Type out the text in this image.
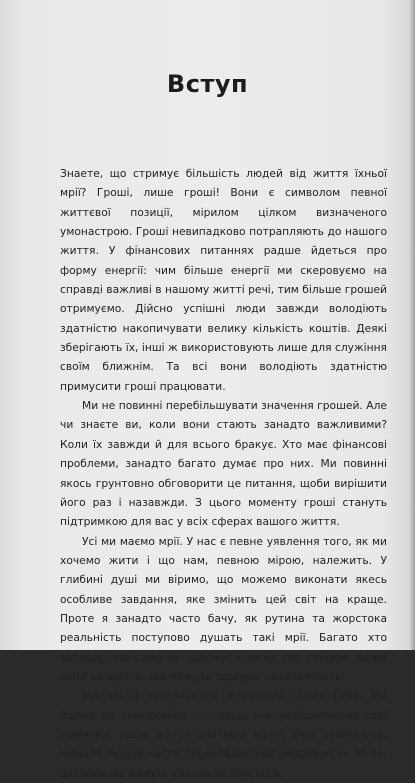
Вступ

Знаете, що стримує більшість людей від життя їхньої мрії? Гроші, лише гроші! Вони є символом певної життєвої позиції, мірилом цілком визначеного умонастрою. Гроші невипадково потрапляють до нашого життя. У фінансових питаннях радше йдеться про форму енергії: чим більше енергії ми скеровуємо на справді важливі в нашому житті речі, тим більше грошей отримуємо. Дійсно успішні люди завжди володіють здатністю накопичувати велику кількість коштів. Деякі зберігають їх, інші ж використовують лише для служіння своїм ближнім. Та всі вони володіють здатністю примусити гроші працювати.

Ми не повинні перебільшувати значення грошей. Але чи знаєте ви, коли вони стають занадто важливими? Коли їх завжди й для всього бракує. Хто має фінансові проблеми, занадто багато думає про них. Ми повинні якось грунтовно обговорити це питання, щоби вирішити його раз і назавжди. З цього моменту гроші стануть підтримкою для вас у всіх сферах вашого життя.

Усі ми маємо мрії. У нас є певне уявлення того, як ми хочемо жити і що нам, певною мірою, належить. У глибині душі ми віримо, що можемо виконати якесь особливе завдання, яке змінить цей світ на краще. Проте я занадто часто бачу, як рутина та жорстока реальність поступово душать такі мрії. Багато хто забуває, що саме їм належить місце під сонцем, адже вони не вірять, що можуть здобути незалежність.

Ми часто виявляємося жертвами самих себе. Ми йдемо на компроміси — і перш ніж усвідомлюємо свої помилки, наше життя значною мірою вже проминуло. Чимало людей часто перекладає відповідальність за те, що вони не живуть так, як їм хочеться.
